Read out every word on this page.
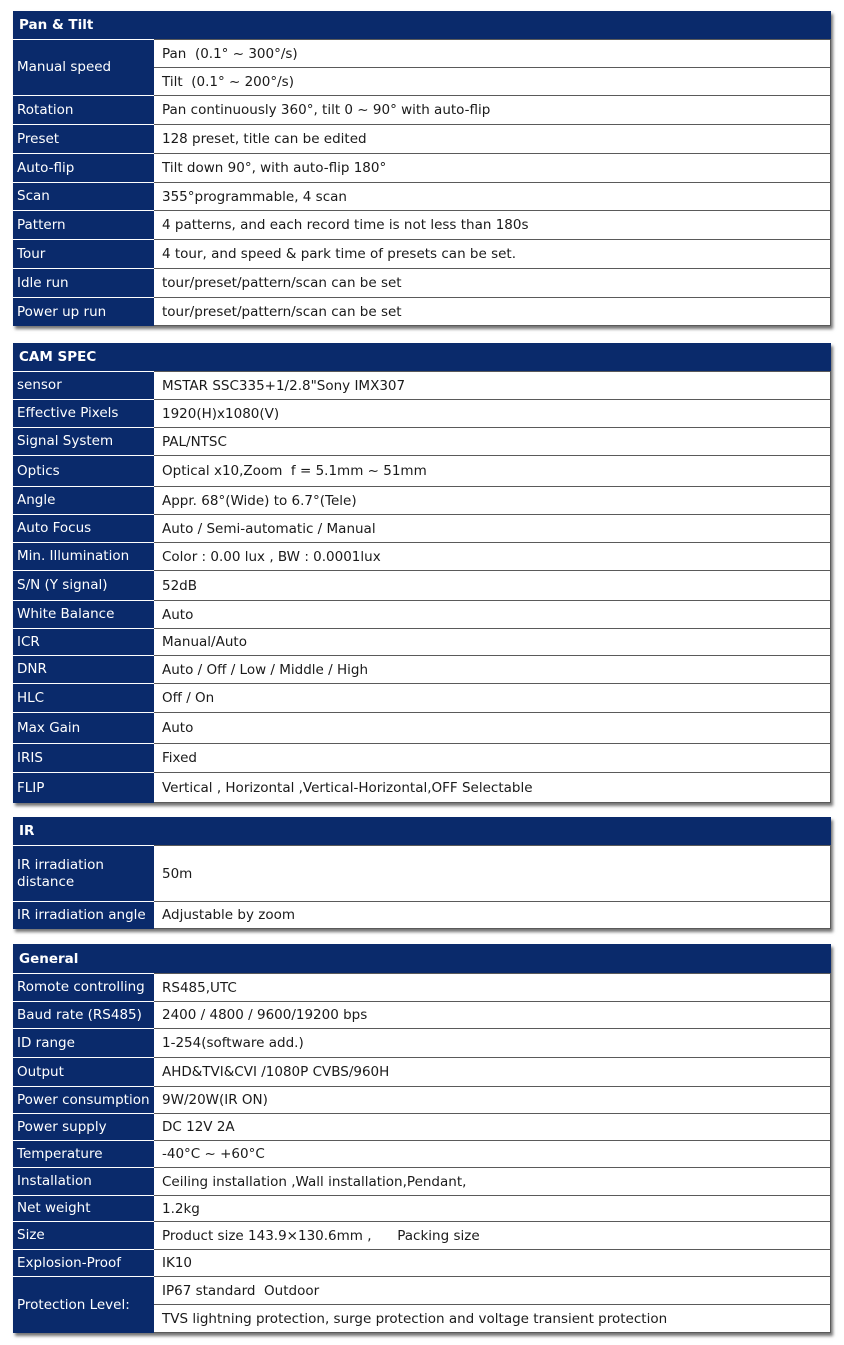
Pan & Tilt
Manual speed
Pan  (0.1° ~ 300°/s)
Tilt  (0.1° ~ 200°/s)
Rotation	Pan continuously 360°, tilt 0 ~ 90° with auto-flip
Preset	128 preset, title can be edited
Auto-flip	Tilt down 90°, with auto-flip 180°
Scan	355°programmable, 4 scan
Pattern	4 patterns, and each record time is not less than 180s
Tour	4 tour, and speed & park time of presets can be set.
Idle run	tour/preset/pattern/scan can be set
Power up run	tour/preset/pattern/scan can be set
CAM SPEC
sensor	MSTAR SSC335+1/2.8"Sony IMX307
Effective Pixels	1920(H)x1080(V)
Signal System	PAL/NTSC
Optics	Optical x10,Zoom  f = 5.1mm ~ 51mm
Angle	Appr. 68°(Wide) to 6.7°(Tele)
Auto Focus	Auto / Semi-automatic / Manual
Min. Illumination	Color : 0.00 lux , BW : 0.0001lux
S/N (Y signal)	52dB
White Balance	Auto
ICR	Manual/Auto
DNR	Auto / Off / Low / Middle / High
HLC	Off / On
Max Gain	Auto
IRIS	Fixed
FLIP	Vertical , Horizontal ,Vertical-Horizontal,OFF Selectable
IR
IR irradiation distance	50m
IR irradiation angle	Adjustable by zoom
General
Romote controlling	RS485,UTC
Baud rate (RS485)	2400 / 4800 / 9600/19200 bps
ID range	1-254(software add.)
Output	AHD&TVI&CVI /1080P CVBS/960H
Power consumption 9W/20W(IR ON)
Power supply	DC 12V 2A
Temperature	-40°C ~ +60°C
Installation	Ceiling installation ,Wall installation,Pendant,
Net weight	1.2kg
Size	Product size 143.9×130.6mm ,      Packing size
Explosion-Proof	IK10
Protection Level:
IP67 standard  Outdoor
TVS lightning protection, surge protection and voltage transient protection
